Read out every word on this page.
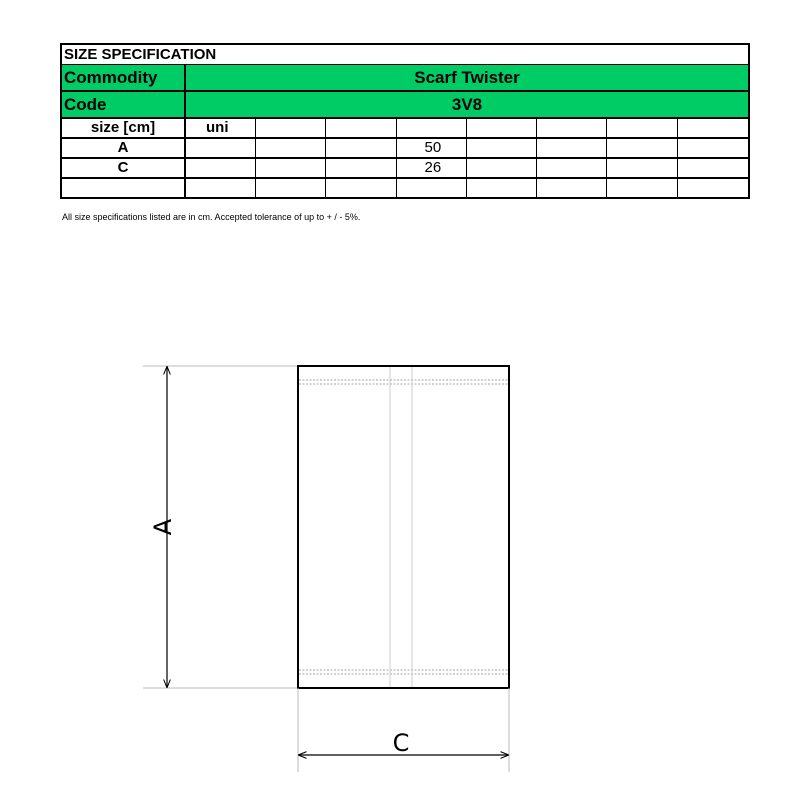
SIZE SPECIFICATION								
Commodity	Scarf Twister							
Code	3V8							
size [cm]	uni							
A				50				
C				26				

All size specifications listed are in cm. Accepted tolerance of up to + / - 5%.
A
C
